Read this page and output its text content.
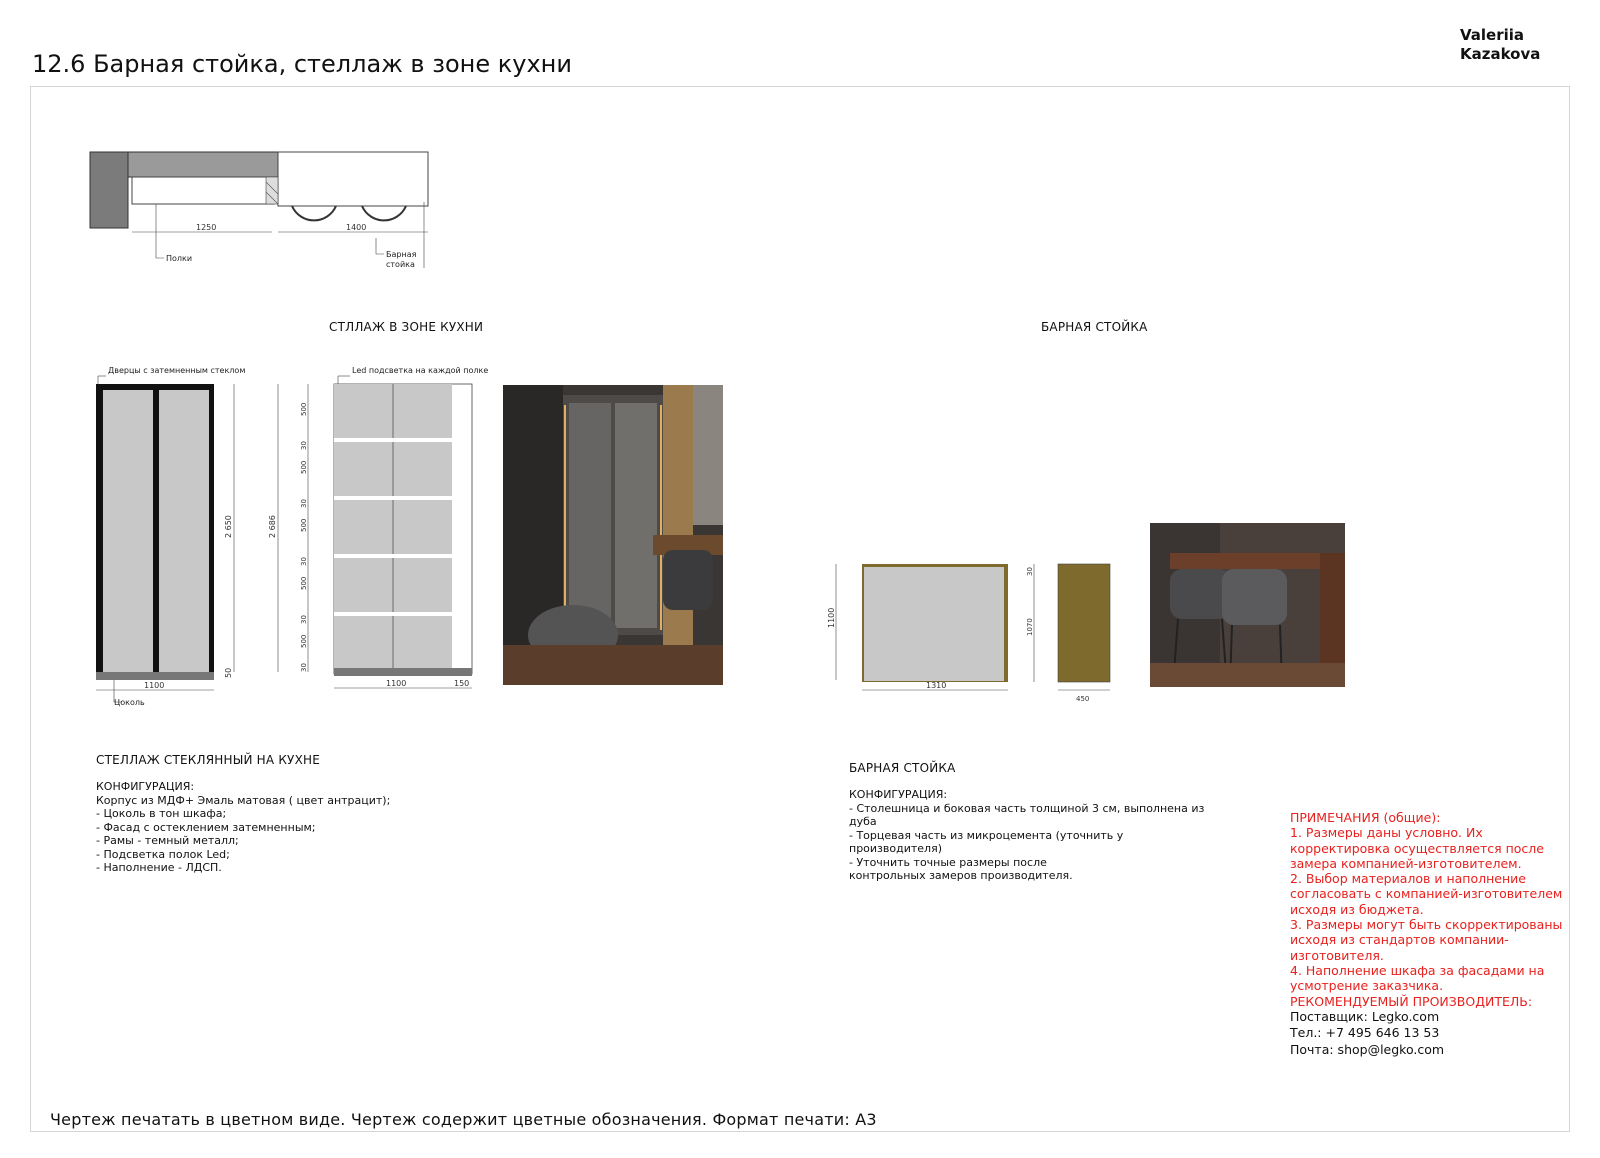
12.6 Барная стойка, стеллаж в зоне кухни
Valeriia
Kazakova
1250	1400
Полки	Барная
стойка
СТЛЛАЖ В ЗОНЕ КУХНИ	БАРНАЯ СТОЙКА
Дверцы с затемненным стеклом
1100
2 650
50
Цоколь
Led подсветка на каждой полке
2 686
500
30
500
30
500
30
500
30
500
30
1100	150
1100
1310
30
1070
450
СТЕЛЛАЖ СТЕКЛЯННЫЙ НА КУХНЕ
КОНФИГУРАЦИЯ:
Корпус из МДФ+ Эмаль матовая ( цвет антрацит);
- Цоколь в тон шкафа;
- Фасад с остеклением затемненным;
- Рамы - темный металл;
- Подсветка полок Led;
- Наполнение - ЛДСП.
БАРНАЯ СТОЙКА
КОНФИГУРАЦИЯ:
- Столешница и боковая часть толщиной 3 см, выполнена из
дуба
- Торцевая часть из микроцемента (уточнить у производителя)
- Уточнить точные размеры после
контрольных замеров производителя.
ПРИМЕЧАНИЯ (общие):
1. Размеры даны условно. Их корректировка осуществляется после замера компанией-изготовителем.
2. Выбор материалов и наполнение согласовать с компанией-изготовителем исходя из бюджета.
3. Размеры могут быть скорректированы исходя из стандартов компании-изготовителя.
4. Наполнение шкафа за фасадами на усмотрение заказчика.
РЕКОМЕНДУЕМЫЙ ПРОИЗВОДИТЕЛЬ:
Поставщик: Legko.com
Тел.: +7 495 646 13 53
Почта: shop@legko.com
Чертеж печатать в цветном виде. Чертеж содержит цветные обозначения. Формат печати: А3
